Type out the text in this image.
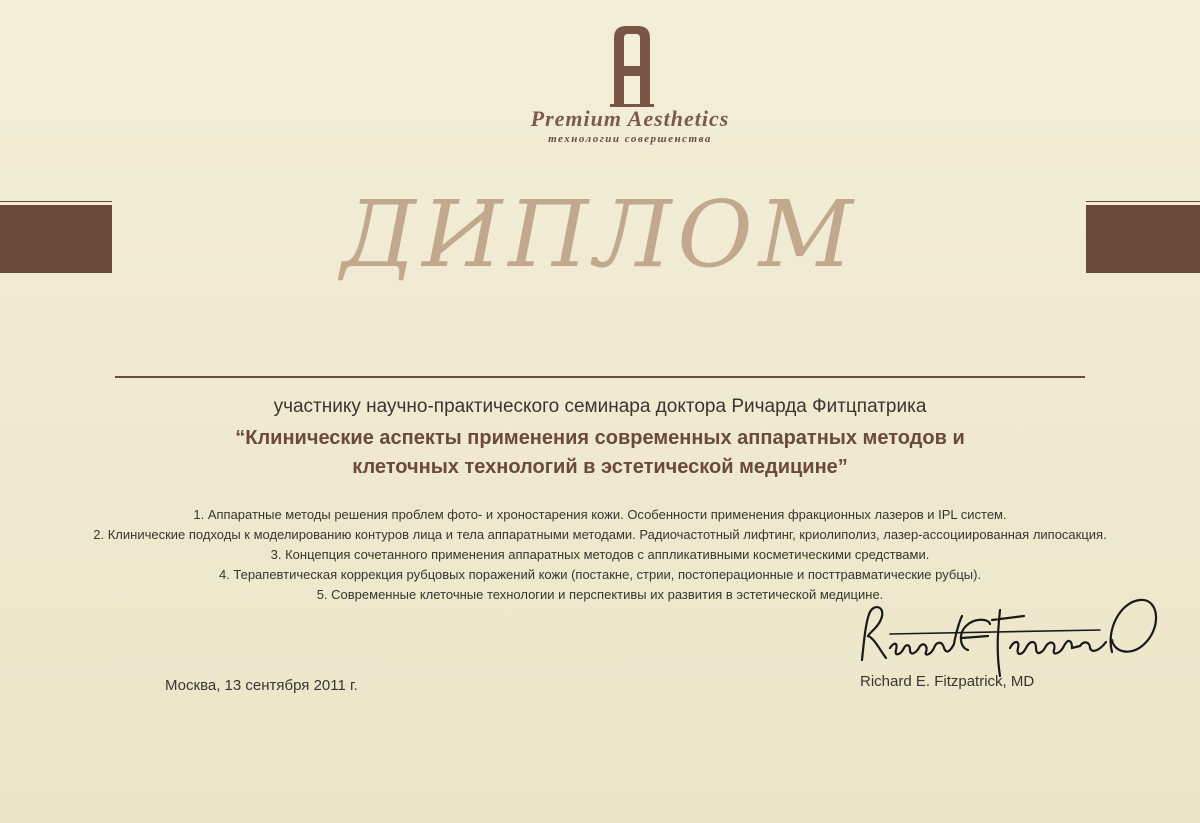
Premium Aesthetics
технологии совершенства
ДИПЛОМ
участнику научно-практического семинара доктора Ричарда Фитцпатрика
“Клинические аспекты применения современных аппаратных методов и
клеточных технологий в эстетической медицине”
1. Аппаратные методы решения проблем фото- и хроностарения кожи. Особенности применения фракционных лазеров и IPL систем.
2. Клинические подходы к моделированию контуров лица и тела аппаратными методами. Радиочастотный лифтинг, криолиполиз, лазер-ассоциированная липосакция.
3. Концепция сочетанного применения аппаратных методов с аппликативными косметическими средствами.
4. Терапевтическая коррекция рубцовых поражений кожи (постакне, стрии, постоперационные и посттравматические рубцы).
5. Современные клеточные технологии и перспективы их развития в эстетической медицине.
Москва, 13 сентября 2011 г.	Richard E. Fitzpatrick, MD
